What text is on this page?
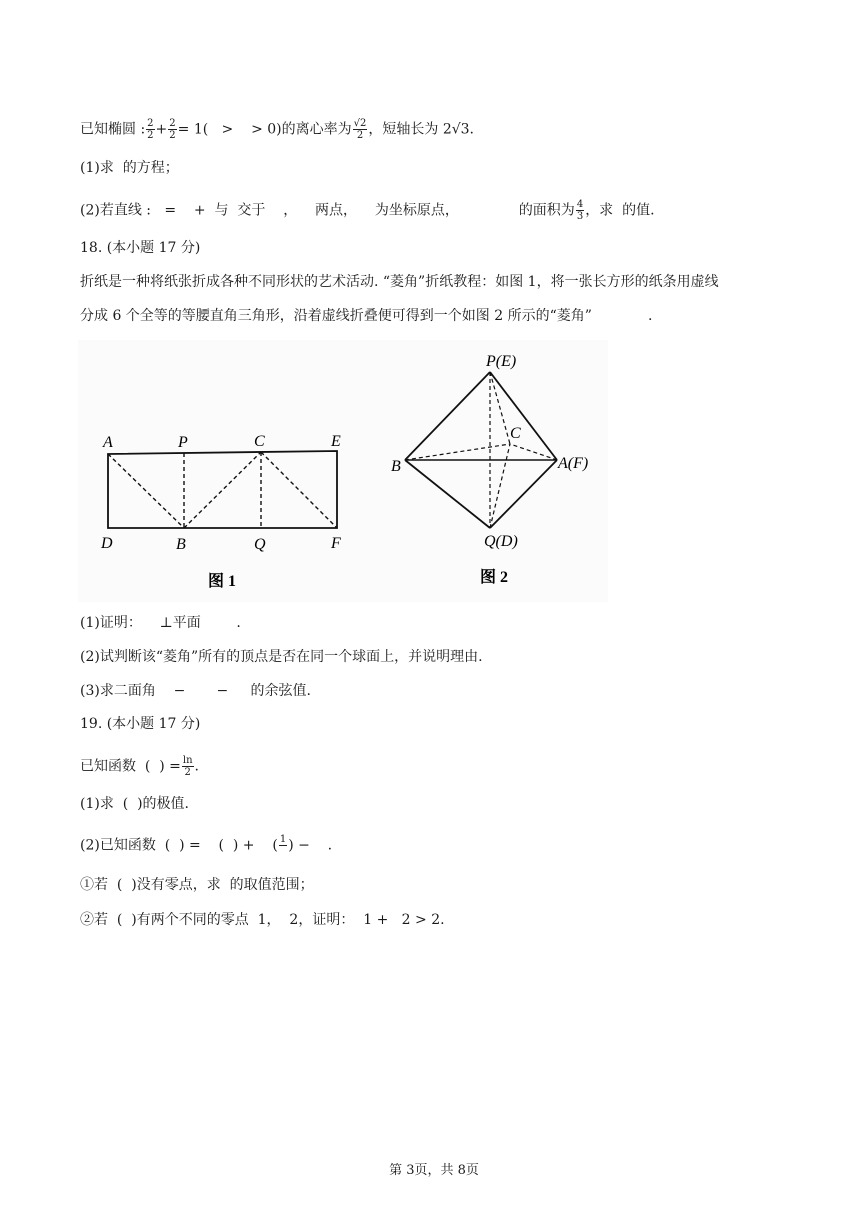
已知椭圆 : $\frac{2}{2} + \frac{2}{2} = 1$(   >    > 0)的离心率为 $\frac{√2}{2}$ ，短轴长为 2√3.
(1)求  的方程；
(2)若直线 :   =    +  与  交于    ，    两点，    为坐标原点，	的面积为 $\frac{4}{3}$ ，求  的值.
18. (本小题 17 分)
折纸是一种将纸张折成各种不同形状的艺术活动. “菱角”折纸教程：如图 1，将一张长方形的纸条用虚线
分成 6 个全等的等腰直角三角形，沿着虚线折叠便可得到一个如图 2 所示的“菱角”	.
A	P	C	E
D	B	Q	F
图 1
P(E)
C
B	A(F)
Q(D)
图 2
(1)证明：    ⊥平面        .
(2)试判断该“菱角”所有的顶点是否在同一个球面上，并说明理由.
(3)求二面角    −       −     的余弦值.
19. (本小题 17 分)
已知函数  (  ) = $\frac{\ln}{2}$ .
(1)求  (  )的极值.
(2)已知函数  (  ) =    (  ) +    ( 1 ) −    .
①若  (  )没有零点，求  的取值范围；
②若  (  )有两个不同的零点  1，  2，证明：  1 +   2 > 2.
第 3页，共 8页
